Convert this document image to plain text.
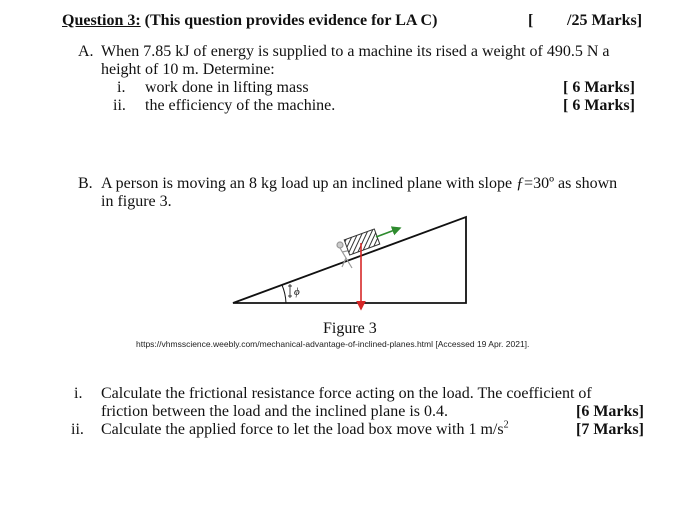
Question 3: (This question provides evidence for LA C)	[ /25 Marks]
A. When 7.85 kJ of energy is supplied to a machine its rised a weight of 490.5 N a
height of 10 m. Determine:
i. work done in lifting mass	[ 6 Marks]
ii. the efficiency of the machine.	[ 6 Marks]
B. A person is moving an 8 kg load up an inclined plane with slope ƒ=30º as shown
in figure 3.
ϕ
Figure 3
https://vhmsscience.weebly.com/mechanical-advantage-of-inclined-planes.html [Accessed 19 Apr. 2021].
i. Calculate the frictional resistance force acting on the load. The coefficient of
friction between the load and the inclined plane is 0.4.	[6 Marks]
ii. Calculate the applied force to let the load box move with 1 $m/s^2$	[7 Marks]
